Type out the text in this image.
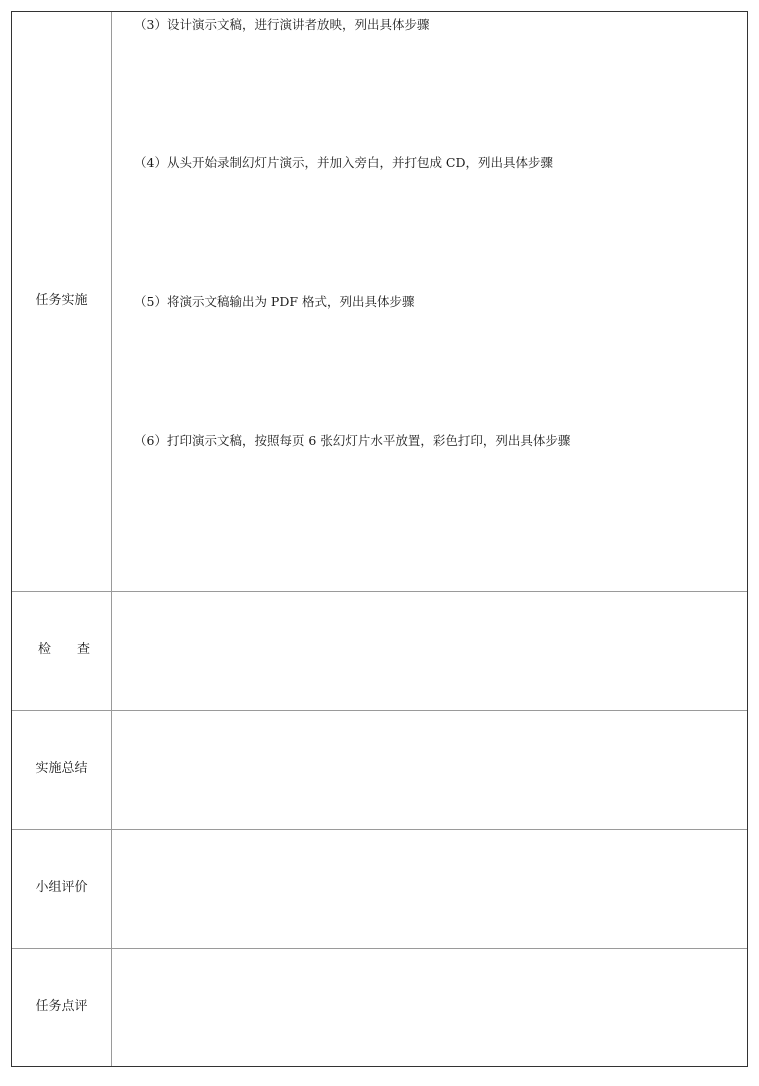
任务实施
（3）设计演示文稿，进行演讲者放映，列出具体步骤
（4）从头开始录制幻灯片演示，并加入旁白，并打包成 CD，列出具体步骤
（5）将演示文稿输出为 PDF 格式，列出具体步骤
（6）打印演示文稿，按照每页 6 张幻灯片水平放置，彩色打印，列出具体步骤
检查
实施总结
小组评价
任务点评
